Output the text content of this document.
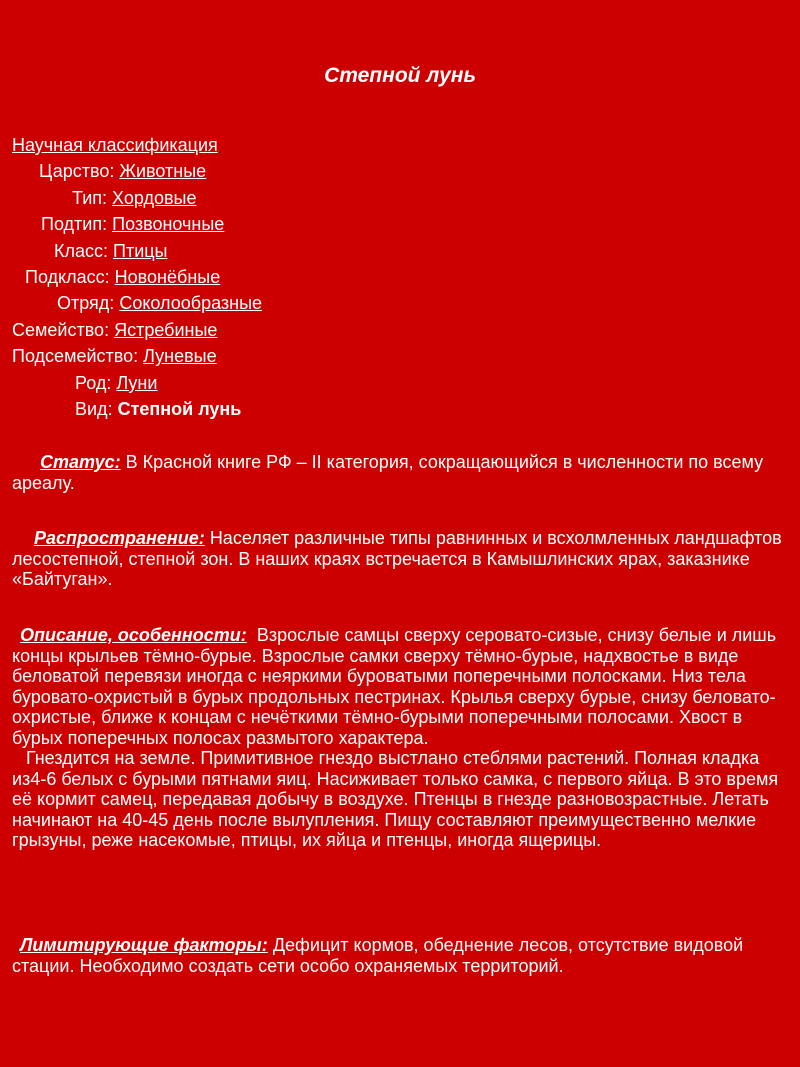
Степной лунь
Научная классификация
Царство: Животные
Тип: Хордовые
Подтип: Позвоночные
Класс: Птицы
Подкласс: Новонёбные
Отряд: Соколообразные
Семейство: Ястребиные
Подсемейство: Луневые
Род: Луни
Вид: Степной лунь
Статус: В Красной книге РФ – II категория, сокращающийся в численности по всему ареалу.
Распространение: Населяет различные типы равнинных и всхолмленных ландшафтов лесостепной, степной зон. В наших краях встречается в Камышлинских ярах, заказнике «Байтуган».
Описание, особенности: Взрослые самцы сверху серовато-сизые, снизу белые и лишь концы крыльев тёмно-бурые. Взрослые самки сверху тёмно-бурые, надхвостье в виде беловатой перевязи иногда с неяркими буроватыми поперечными полосками. Низ тела буровато-охристый в бурых продольных пестринах. Крылья сверху бурые, снизу беловато-охристые, ближе к концам с нечёткими тёмно-бурыми поперечными полосами. Хвост в бурых поперечных полосах размытого характера.
Гнездится на земле. Примитивное гнездо выстлано стеблями растений. Полная кладка из4-6 белых с бурыми пятнами яиц. Насиживает только самка, с первого яйца. В это время её кормит самец, передавая добычу в воздухе. Птенцы в гнезде разновозрастные. Летать начинают на 40-45 день после вылупления. Пищу составляют преимущественно мелкие грызуны, реже насекомые, птицы, их яйца и птенцы, иногда ящерицы.
Лимитирующие факторы: Дефицит кормов, обеднение лесов, отсутствие видовой стации. Необходимо создать сети особо охраняемых территорий.
